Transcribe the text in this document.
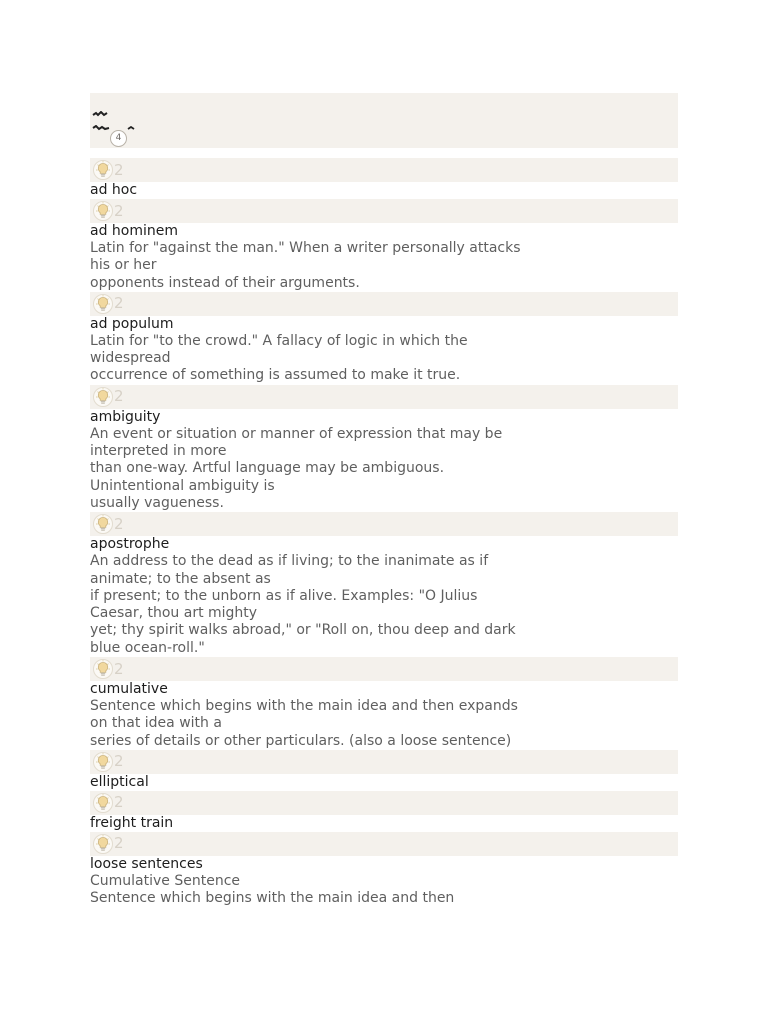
4
2
ad hoc
2
ad hominem
Latin for "against the man." When a writer personally attacks his or her
opponents instead of their arguments.
2
ad populum
Latin for "to the crowd." A fallacy of logic in which the widespread
occurrence of something is assumed to make it true.
2
ambiguity
An event or situation or manner of expression that may be interpreted in more
than one-way. Artful language may be ambiguous. Unintentional ambiguity is
usually vagueness.
2
apostrophe
An address to the dead as if living; to the inanimate as if animate; to the absent as
if present; to the unborn as if alive. Examples: "O Julius Caesar, thou art mighty
yet; thy spirit walks abroad," or "Roll on, thou deep and dark blue ocean-roll."
2
cumulative
Sentence which begins with the main idea and then expands on that idea with a
series of details or other particulars. (also a loose sentence)
2
elliptical
2
freight train
2
loose sentences
Cumulative Sentence
Sentence which begins with the main idea and then
